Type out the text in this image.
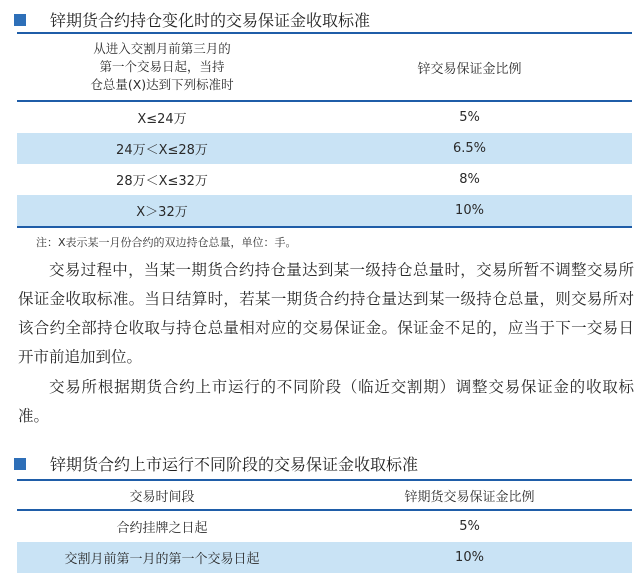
锌期货合约持仓变化时的交易保证金收取标准
从进入交割月前第三月的
第一个交易日起，当持
仓总量(X)达到下列标准时	锌交易保证金比例
X≤24万	5%
24万＜X≤28万	6.5%
28万＜X≤32万	8%
X＞32万	10%
注：X表示某一月份合约的双边持仓总量，单位：手。

交易过程中，当某一期货合约持仓量达到某一级持仓总量时，交易所暂不调整交易所保证金收取标准。当日结算时，若某一期货合约持仓量达到某一级持仓总量，则交易所对该合约全部持仓收取与持仓总量相对应的交易保证金。保证金不足的，应当于下一交易日开市前追加到位。

交易所根据期货合约上市运行的不同阶段（临近交割期）调整交易保证金的收取标准。

锌期货合约上市运行不同阶段的交易保证金收取标准
交易时间段	锌期货交易保证金比例
合约挂牌之日起	5%
交割月前第一月的第一个交易日起	10%
